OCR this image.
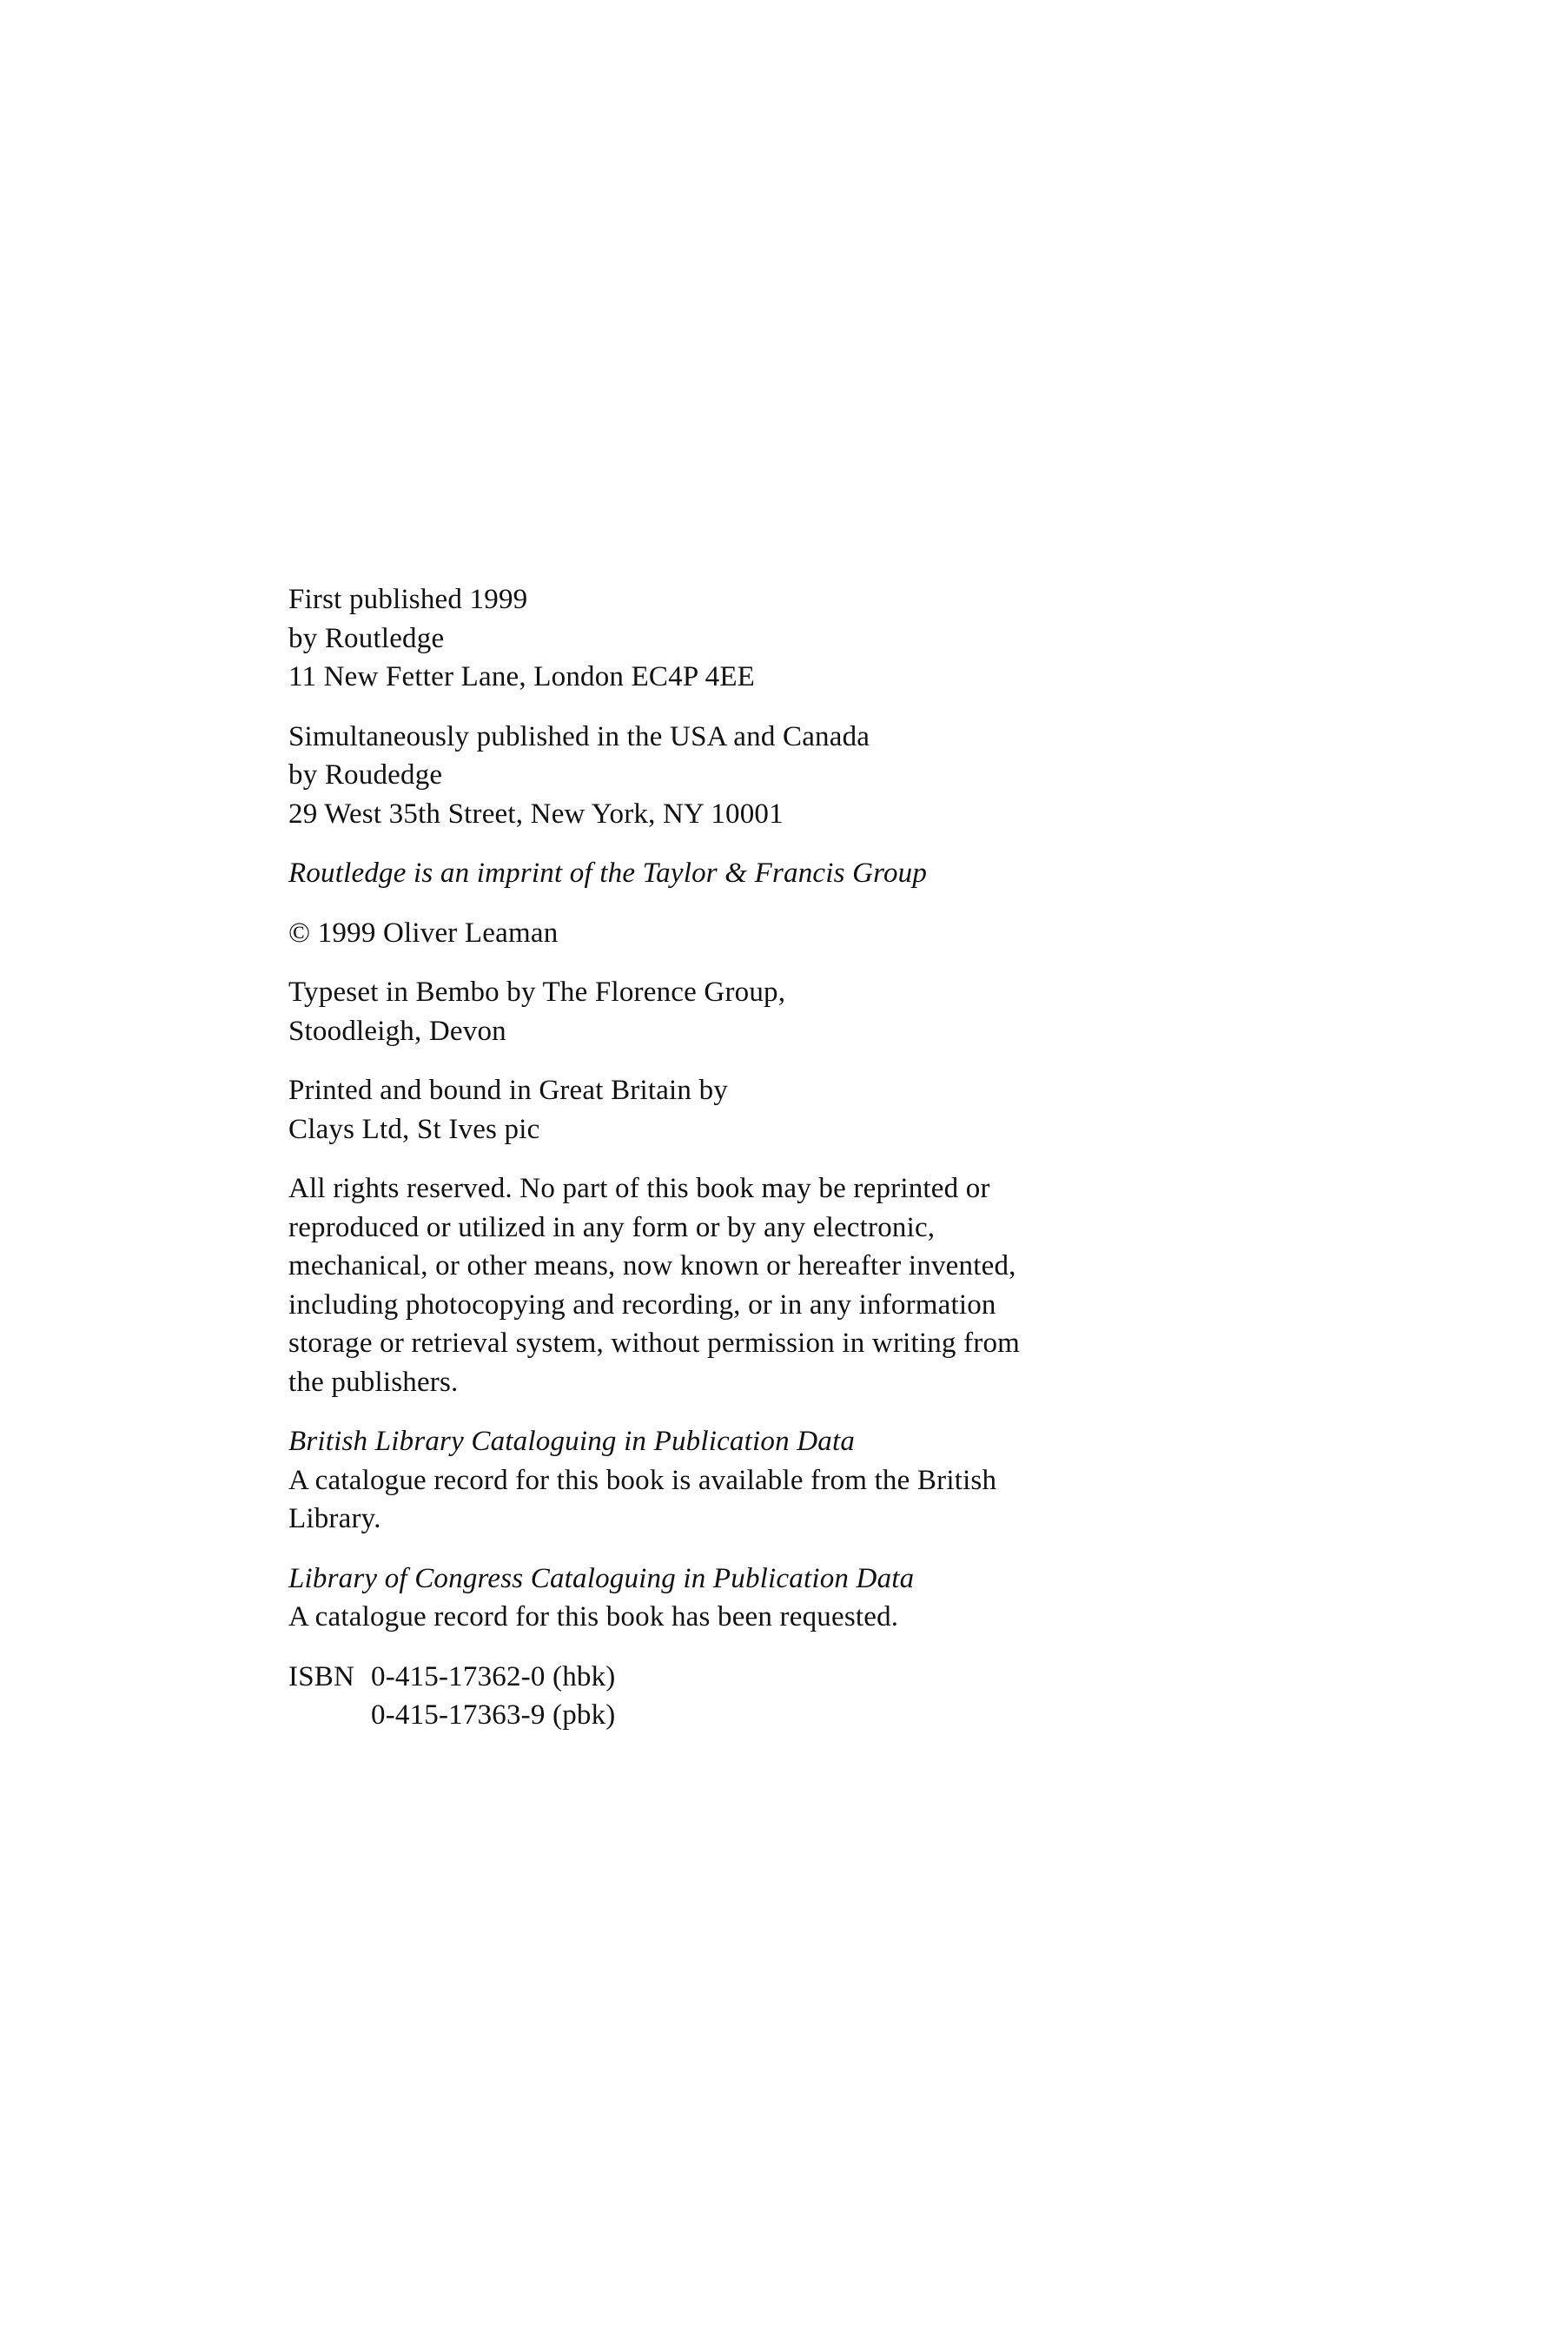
First published 1999
by Routledge
11 New Fetter Lane, London EC4P 4EE
Simultaneously published in the USA and Canada
by Roudedge
29 West 35th Street, New York, NY 10001
Routledge is an imprint of the Taylor & Francis Group
© 1999 Oliver Leaman
Typeset in Bembo by The Florence Group,
Stoodleigh, Devon
Printed and bound in Great Britain by
Clays Ltd, St Ives pic
All rights reserved. No part of this book may be reprinted or
reproduced or utilized in any form or by any electronic,
mechanical, or other means, now known or hereafter invented,
including photocopying and recording, or in any information
storage or retrieval system, without permission in writing from
the publishers.
British Library Cataloguing in Publication Data
A catalogue record for this book is available from the British
Library.
Library of Congress Cataloguing in Publication Data
A catalogue record for this book has been requested.
ISBN 0-415-17362-0 (hbk)
0-415-17363-9 (pbk)
